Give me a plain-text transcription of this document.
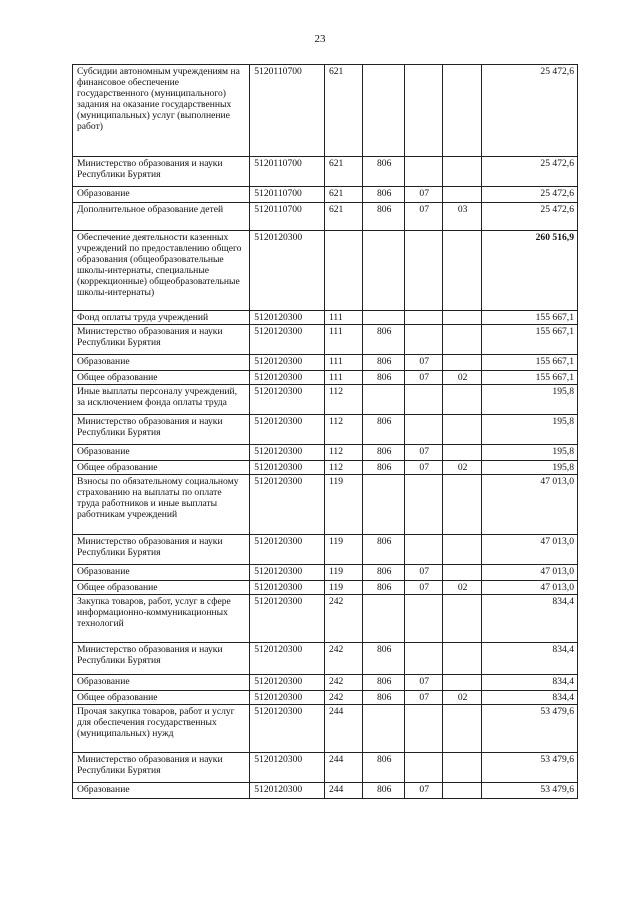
23
Субсидии автономным учреждениям на финансовое обеспечение государственного (муниципального) задания на оказание государственных (муниципальных) услуг (выполнение работ)	5120110700	621				25 472,6
Министерство образования и науки Республики Бурятия	5120110700	621	806			25 472,6
Образование	5120110700	621	806	07		25 472,6
Дополнительное образование детей	5120110700	621	806	07	03	25 472,6
Обеспечение деятельности казенных учреждений по предоставлению общего образования (общеобразовательные школы-интернаты, специальные (коррекционные) общеобразовательные школы-интернаты)	5120120300					260 516,9
Фонд оплаты труда учреждений	5120120300	111				155 667,1
Министерство образования и науки Республики Бурятия	5120120300	111	806			155 667,1
Образование	5120120300	111	806	07		155 667,1
Общее образование	5120120300	111	806	07	02	155 667,1
Иные выплаты персоналу учреждений, за исключением фонда оплаты труда	5120120300	112				195,8
Министерство образования и науки Республики Бурятия	5120120300	112	806			195,8
Образование	5120120300	112	806	07		195,8
Общее образование	5120120300	112	806	07	02	195,8
Взносы по обязательному социальному страхованию на выплаты по оплате труда работников и иные выплаты работникам учреждений	5120120300	119				47 013,0
Министерство образования и науки Республики Бурятия	5120120300	119	806			47 013,0
Образование	5120120300	119	806	07		47 013,0
Общее образование	5120120300	119	806	07	02	47 013,0
Закупка товаров, работ, услуг в сфере информационно-коммуникационных технологий	5120120300	242				834,4
Министерство образования и науки Республики Бурятия	5120120300	242	806			834,4
Образование	5120120300	242	806	07		834,4
Общее образование	5120120300	242	806	07	02	834,4
Прочая закупка товаров, работ и услуг для обеспечения государственных (муниципальных) нужд	5120120300	244				53 479,6
Министерство образования и науки Республики Бурятия	5120120300	244	806			53 479,6
Образование	5120120300	244	806	07		53 479,6
